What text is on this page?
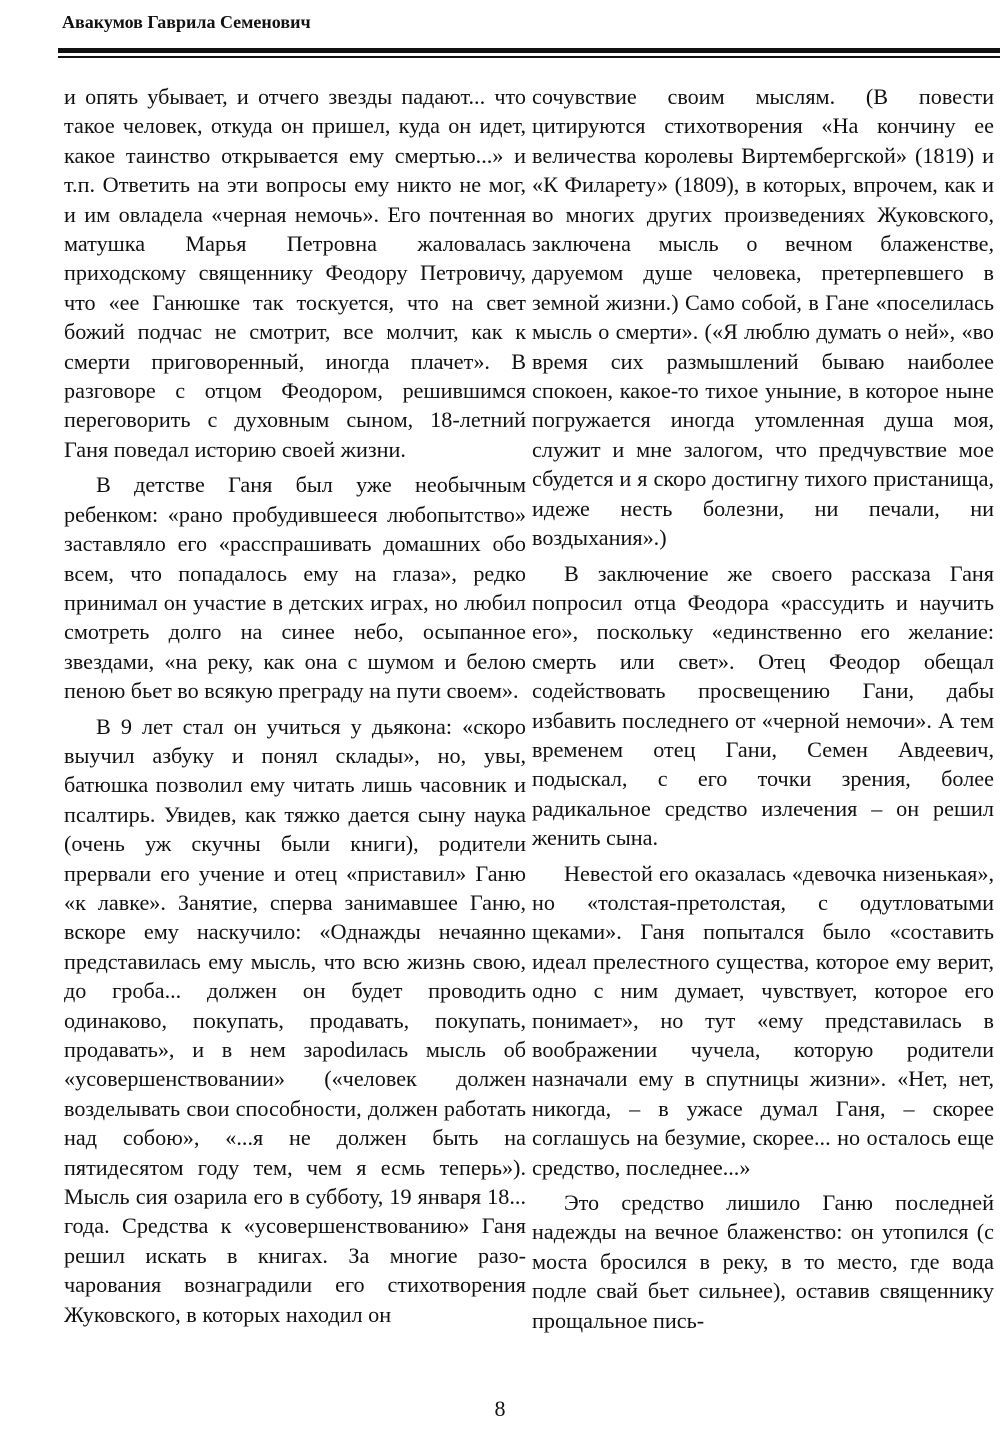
Авакумов Гаврила Семенович

и опять убывает, и отчего звезды падают... что такое человек, откуда он пришел, куда он идет, какое таинство открывается ему смертью...» и т.п. Ответить на эти вопросы ему никто не мог, и им овладела «черная немочь». Его почтенная матушка Марья Петровна жаловалась приходскому священнику Феодору Петровичу, что «ее Ганюшке так тоскуется, что на свет божий подчас не смотрит, все молчит, как к смерти приговоренный, иногда плачет». В разговоре с отцом Феодором, решившимся переговорить с духовным сыном, 18-летний Ганя поведал историю своей жизни.

В детстве Ганя был уже необычным ребенком: «рано пробудившееся любопытство» заставляло его «расспрашивать домашних обо всем, что попадалось ему на глаза», редко принимал он участие в детских играх, но любил смотреть долго на синее небо, осыпанное звездами, «на реку, как она с шумом и белою пеною бьет во всякую преграду на пути своем».

В 9 лет стал он учиться у дьякона: «скоро выучил азбуку и понял склады», но, увы, батюшка позволил ему читать лишь часовник и псалтирь. Увидев, как тяжко дается сыну наука (очень уж скучны были книги), родители прервали его учение и отец «приставил» Ганю «к лавке». Занятие, сперва занимавшее Ганю, вскоре ему наскучило: «Однажды нечаянно представилась ему мысль, что всю жизнь свою, до гроба... должен он будет проводить одинаково, покупать, продавать, покупать, продавать», и в нем зароdилась мысль об «усовершенствовании» («человек должен возделывать свои способности, должен работать над собою», «...я не должен быть на пятидесятом году тем, чем я есмь теперь»). Мысль сия озарила его в субботу, 19 января 18... года. Средства к «усовершенствованию» Ганя решил искать в книгах. За многие разочарования вознаградили его стихотворения Жуковского, в которых находил он

сочувствие своим мыслям. (В повести цитируются стихотворения «На кончину ее величества королевы Виртембергской» (1819) и «К Филарету» (1809), в которых, впрочем, как и во многих других произведениях Жуковского, заключена мысль о вечном блаженстве, даруемом душе человека, претерпевшего в земной жизни.) Само собой, в Гане «поселилась мысль о смерти». («Я люблю думать о ней», «во время сих размышлений бываю наиболее спокоен, какое-то тихое уныние, в которое ныне погружается иногда утомленная душа моя, служит и мне залогом, что предчувствие мое сбудется и я скоро достигну тихого пристанища, идеже несть болезни, ни печали, ни воздыхания».)

В заключение же своего рассказа Ганя попросил отца Феодора «рассудить и научить его», поскольку «единственно его желание: смерть или свет». Отец Феодор обещал содействовать просвещению Гани, дабы избавить последнего от «черной немочи». А тем временем отец Гани, Семен Авдеевич, подыскал, с его точки зрения, более радикальное средство излечения – он решил женить сына.

Невестой его оказалась «девочка низенькая», но «толстая-претолстая, с одутловатыми щеками». Ганя попытался было «составить идеал прелестного существа, которое ему верит, одно с ним думает, чувствует, которое его понимает», но тут «ему представилась в воображении чучела, которую родители назначали ему в спутницы жизни». «Нет, нет, никогда, – в ужасе думал Ганя, – скорее соглашусь на безумие, скорее... но осталось еще средство, последнее...»

Это средство лишило Ганю последней надежды на вечное блаженство: он утопился (с моста бросился в реку, в то место, где вода подле свай бьет сильнее), оставив священнику прощальное пись-

8
